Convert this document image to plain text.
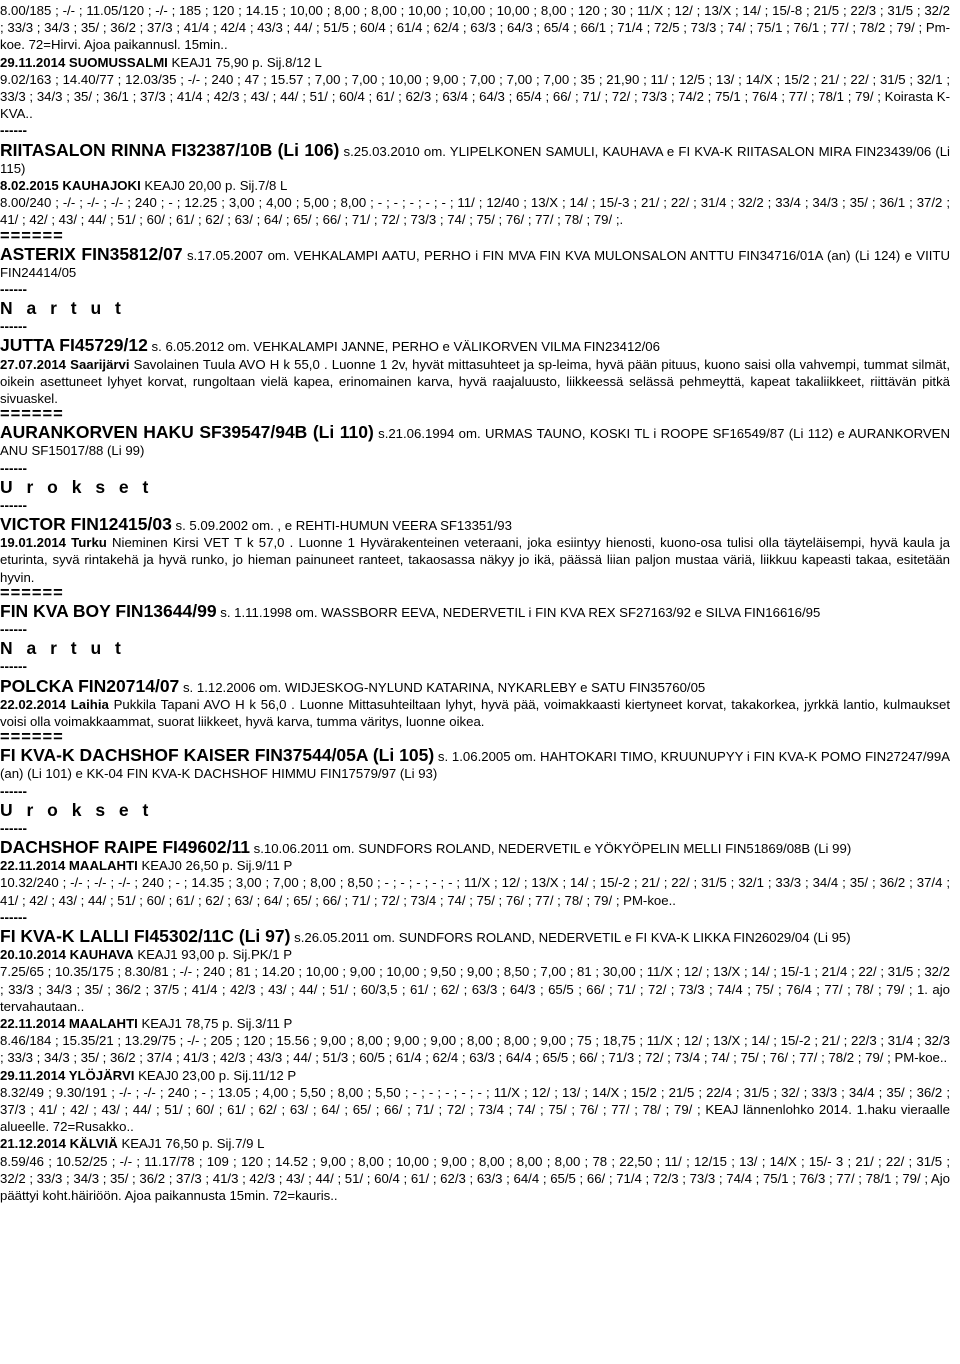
8.00/185 ; -/- ; 11.05/120 ; -/- ; 185 ; 120 ; 14.15 ; 10,00 ; 8,00 ; 8,00 ; 10,00 ; 10,00 ; 10,00 ; 8,00 ; 120 ; 30 ; 11/X ; 12/ ; 13/X ; 14/ ; 15/-8 ; 21/5 ; 22/3 ; 31/5 ; 32/2 ; 33/3 ; 34/3 ; 35/ ; 36/2 ; 37/3 ; 41/4 ; 42/4 ; 43/3 ; 44/ ; 51/5 ; 60/4 ; 61/4 ; 62/4 ; 63/3 ; 64/3 ; 65/4 ; 66/1 ; 71/4 ; 72/5 ; 73/3 ; 74/ ; 75/1 ; 76/1 ; 77/ ; 78/2 ; 79/ ; Pm-koe. 72=Hirvi. Ajoa paikannusl. 15min..

29.11.2014 SUOMUSSALMI KEAJ1 75,90 p. Sij.8/12 L

9.02/163 ; 14.40/77 ; 12.03/35 ; -/- ; 240 ; 47 ; 15.57 ; 7,00 ; 7,00 ; 10,00 ; 9,00 ; 7,00 ; 7,00 ; 7,00 ; 35 ; 21,90 ; 11/ ; 12/5 ; 13/ ; 14/X ; 15/2 ; 21/ ; 22/ ; 31/5 ; 32/1 ; 33/3 ; 34/3 ; 35/ ; 36/1 ; 37/3 ; 41/4 ; 42/3 ; 43/ ; 44/ ; 51/ ; 60/4 ; 61/ ; 62/3 ; 63/4 ; 64/3 ; 65/4 ; 66/ ; 71/ ; 72/ ; 73/3 ; 74/2 ; 75/1 ; 76/4 ; 77/ ; 78/1 ; 79/ ; Koirasta K-KVA..

------

RIITASALON RINNA FI32387/10B (Li 106) s.25.03.2010 om. YLIPELKONEN SAMULI, KAUHAVA e FI KVA-K RIITASALON MIRA FIN23439/06 (Li 115)

8.02.2015 KAUHAJOKI KEAJ0 20,00 p. Sij.7/8 L

8.00/240 ; -/- ; -/- ; -/- ; 240 ; - ; 12.25 ; 3,00 ; 4,00 ; 5,00 ; 8,00 ; - ; - ; - ; - ; - ; 11/ ; 12/40 ; 13/X ; 14/ ; 15/-3 ; 21/ ; 22/ ; 31/4 ; 32/2 ; 33/4 ; 34/3 ; 35/ ; 36/1 ; 37/2 ; 41/ ; 42/ ; 43/ ; 44/ ; 51/ ; 60/ ; 61/ ; 62/ ; 63/ ; 64/ ; 65/ ; 66/ ; 71/ ; 72/ ; 73/3 ; 74/ ; 75/ ; 76/ ; 77/ ; 78/ ; 79/ ;.

======

ASTERIX FIN35812/07 s.17.05.2007 om. VEHKALAMPI AATU, PERHO i FIN MVA FIN KVA MULONSALON ANTTU FIN34716/01A (an) (Li 124) e VIITU FIN24414/05

------

N a r t u t

------

JUTTA FI45729/12 s. 6.05.2012 om. VEHKALAMPI JANNE, PERHO e VÄLIKORVEN VILMA FIN23412/06

27.07.2014 Saarijärvi Savolainen Tuula AVO H k 55,0 . Luonne 1 2v, hyvät mittasuhteet ja sp-leima, hyvä pään pituus, kuono saisi olla vahvempi, tummat silmät, oikein asettuneet lyhyet korvat, rungoltaan vielä kapea, erinomainen karva, hyvä raajaluusto, liikkeessä selässä pehmeyttä, kapeat takaliikkeet, riittävän pitkä sivuaskel.

======

AURANKORVEN HAKU SF39547/94B (Li 110) s.21.06.1994 om. URMAS TAUNO, KOSKI TL i ROOPE SF16549/87 (Li 112) e AURANKORVEN ANU SF15017/88 (Li 99)

------

U r o k s e t

------

VICTOR FIN12415/03 s. 5.09.2002 om. , e REHTI-HUMUN VEERA SF13351/93

19.01.2014 Turku Nieminen Kirsi VET T k 57,0 . Luonne 1 Hyvärakenteinen veteraani, joka esiintyy hienosti, kuono-osa tulisi olla täyteläisempi, hyvä kaula ja eturinta, syvä rintakehä ja hyvä runko, jo hieman painuneet ranteet, takaosassa näkyy jo ikä, päässä liian paljon mustaa väriä, liikkuu kapeasti takaa, esitetään hyvin.

======

FIN KVA BOY FIN13644/99 s. 1.11.1998 om. WASSBORR EEVA, NEDERVETIL i FIN KVA REX SF27163/92 e SILVA FIN16616/95

------

N a r t u t

------

POLCKA FIN20714/07 s. 1.12.2006 om. WIDJESKOG-NYLUND KATARINA, NYKARLEBY e SATU FIN35760/05

22.02.2014 Laihia Pukkila Tapani AVO H k 56,0 . Luonne Mittasuhteiltaan lyhyt, hyvä pää, voimakkaasti kiertyneet korvat, takakorkea, jyrkkä lantio, kulmaukset voisi olla voimakkaammat, suorat liikkeet, hyvä karva, tumma väritys, luonne oikea.

======

FI KVA-K DACHSHOF KAISER FIN37544/05A (Li 105) s. 1.06.2005 om. HAHTOKARI TIMO, KRUUNUPYY i FIN KVA-K POMO FIN27247/99A (an) (Li 101) e KK-04 FIN KVA-K DACHSHOF HIMMU FIN17579/97 (Li 93)

------

U r o k s e t

------

DACHSHOF RAIPE FI49602/11 s.10.06.2011 om. SUNDFORS ROLAND, NEDERVETIL e YÖKYÖPELIN MELLI FIN51869/08B (Li 99)

22.11.2014 MAALAHTI KEAJ0 26,50 p. Sij.9/11 P

10.32/240 ; -/- ; -/- ; -/- ; 240 ; - ; 14.35 ; 3,00 ; 7,00 ; 8,00 ; 8,50 ; - ; - ; - ; - ; - ; 11/X ; 12/ ; 13/X ; 14/ ; 15/-2 ; 21/ ; 22/ ; 31/5 ; 32/1 ; 33/3 ; 34/4 ; 35/ ; 36/2 ; 37/4 ; 41/ ; 42/ ; 43/ ; 44/ ; 51/ ; 60/ ; 61/ ; 62/ ; 63/ ; 64/ ; 65/ ; 66/ ; 71/ ; 72/ ; 73/4 ; 74/ ; 75/ ; 76/ ; 77/ ; 78/ ; 79/ ; PM-koe..

------

FI KVA-K LALLI FI45302/11C (Li 97) s.26.05.2011 om. SUNDFORS ROLAND, NEDERVETIL e FI KVA-K LIKKA FIN26029/04 (Li 95)

20.10.2014 KAUHAVA KEAJ1 93,00 p. Sij.PK/1 P

7.25/65 ; 10.35/175 ; 8.30/81 ; -/- ; 240 ; 81 ; 14.20 ; 10,00 ; 9,00 ; 10,00 ; 9,50 ; 9,00 ; 8,50 ; 7,00 ; 81 ; 30,00 ; 11/X ; 12/ ; 13/X ; 14/ ; 15/-1 ; 21/4 ; 22/ ; 31/5 ; 32/2 ; 33/3 ; 34/3 ; 35/ ; 36/2 ; 37/5 ; 41/4 ; 42/3 ; 43/ ; 44/ ; 51/ ; 60/3,5 ; 61/ ; 62/ ; 63/3 ; 64/3 ; 65/5 ; 66/ ; 71/ ; 72/ ; 73/3 ; 74/4 ; 75/ ; 76/4 ; 77/ ; 78/ ; 79/ ; 1. ajo tervahautaan..

22.11.2014 MAALAHTI KEAJ1 78,75 p. Sij.3/11 P

8.46/184 ; 15.35/21 ; 13.29/75 ; -/- ; 205 ; 120 ; 15.56 ; 9,00 ; 8,00 ; 9,00 ; 9,00 ; 8,00 ; 8,00 ; 9,00 ; 75 ; 18,75 ; 11/X ; 12/ ; 13/X ; 14/ ; 15/-2 ; 21/ ; 22/3 ; 31/4 ; 32/3 ; 33/3 ; 34/3 ; 35/ ; 36/2 ; 37/4 ; 41/3 ; 42/3 ; 43/3 ; 44/ ; 51/3 ; 60/5 ; 61/4 ; 62/4 ; 63/3 ; 64/4 ; 65/5 ; 66/ ; 71/3 ; 72/ ; 73/4 ; 74/ ; 75/ ; 76/ ; 77/ ; 78/2 ; 79/ ; PM-koe..

29.11.2014 YLÖJÄRVI KEAJ0 23,00 p. Sij.11/12 P

8.32/49 ; 9.30/191 ; -/- ; -/- ; 240 ; - ; 13.05 ; 4,00 ; 5,50 ; 8,00 ; 5,50 ; - ; - ; - ; - ; - ; 11/X ; 12/ ; 13/ ; 14/X ; 15/2 ; 21/5 ; 22/4 ; 31/5 ; 32/ ; 33/3 ; 34/4 ; 35/ ; 36/2 ; 37/3 ; 41/ ; 42/ ; 43/ ; 44/ ; 51/ ; 60/ ; 61/ ; 62/ ; 63/ ; 64/ ; 65/ ; 66/ ; 71/ ; 72/ ; 73/4 ; 74/ ; 75/ ; 76/ ; 77/ ; 78/ ; 79/ ; KEAJ lännenlohko 2014. 1.haku vieraalle alueelle. 72=Rusakko..

21.12.2014 KÄLVIÄ KEAJ1 76,50 p. Sij.7/9 L

8.59/46 ; 10.52/25 ; -/- ; 11.17/78 ; 109 ; 120 ; 14.52 ; 9,00 ; 8,00 ; 10,00 ; 9,00 ; 8,00 ; 8,00 ; 8,00 ; 78 ; 22,50 ; 11/ ; 12/15 ; 13/ ; 14/X ; 15/- 3 ; 21/ ; 22/ ; 31/5 ; 32/2 ; 33/3 ; 34/3 ; 35/ ; 36/2 ; 37/3 ; 41/3 ; 42/3 ; 43/ ; 44/ ; 51/ ; 60/4 ; 61/ ; 62/3 ; 63/3 ; 64/4 ; 65/5 ; 66/ ; 71/4 ; 72/3 ; 73/3 ; 74/4 ; 75/1 ; 76/3 ; 77/ ; 78/1 ; 79/ ; Ajo päättyi koht.häiriöön. Ajoa paikannusta 15min. 72=kauris..
